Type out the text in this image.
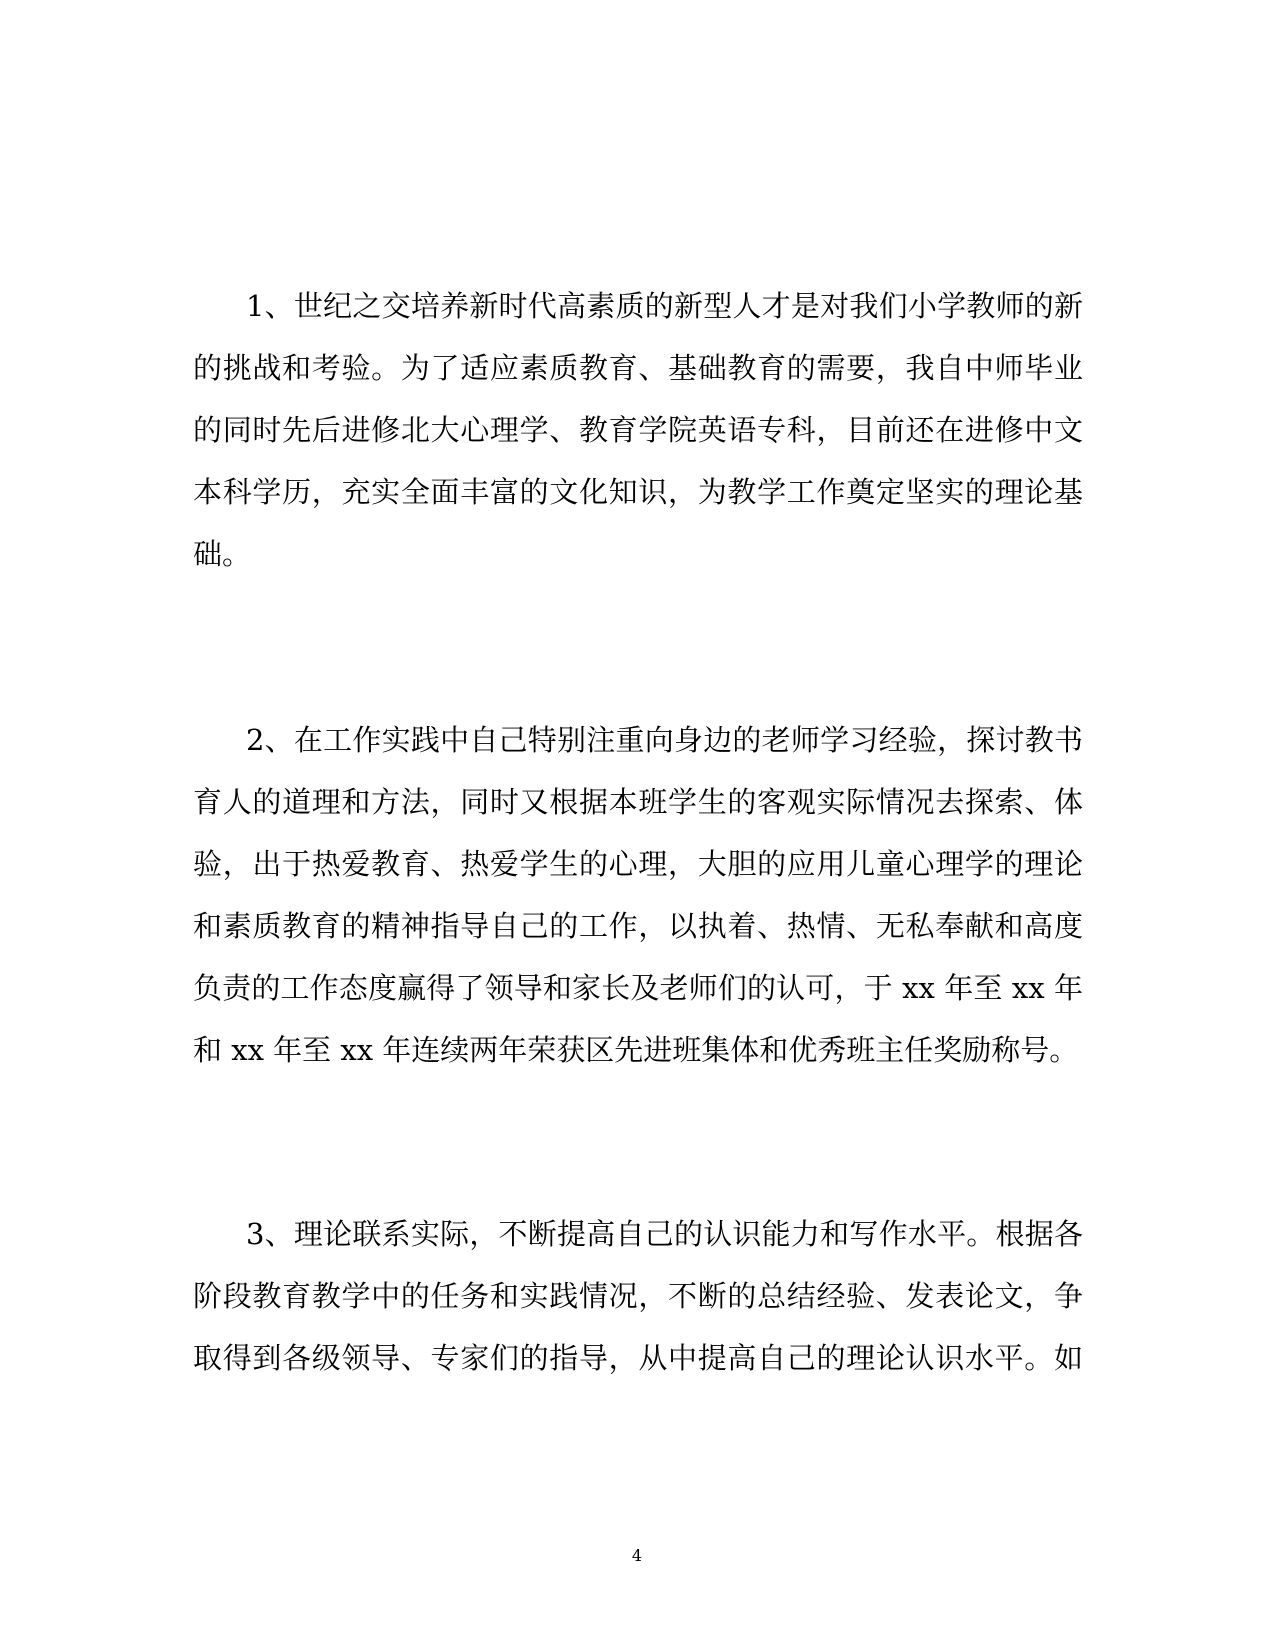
1、世纪之交培养新时代高素质的新型人才是对我们小学教师的新
的挑战和考验。为了适应素质教育、基础教育的需要，我自中师毕业
的同时先后进修北大心理学、教育学院英语专科，目前还在进修中文
本科学历，充实全面丰富的文化知识，为教学工作奠定坚实的理论基
础。
2、在工作实践中自己特别注重向身边的老师学习经验，探讨教书
育人的道理和方法，同时又根据本班学生的客观实际情况去探索、体
验，出于热爱教育、热爱学生的心理，大胆的应用儿童心理学的理论
和素质教育的精神指导自己的工作，以执着、热情、无私奉献和高度
负责的工作态度赢得了领导和家长及老师们的认可，于 xx 年至 xx 年
和 xx 年至 xx 年连续两年荣获区先进班集体和优秀班主任奖励称号。
3、理论联系实际，不断提高自己的认识能力和写作水平。根据各
阶段教育教学中的任务和实践情况，不断的总结经验、发表论文，争
取得到各级领导、专家们的指导，从中提高自己的理论认识水平。如
4
